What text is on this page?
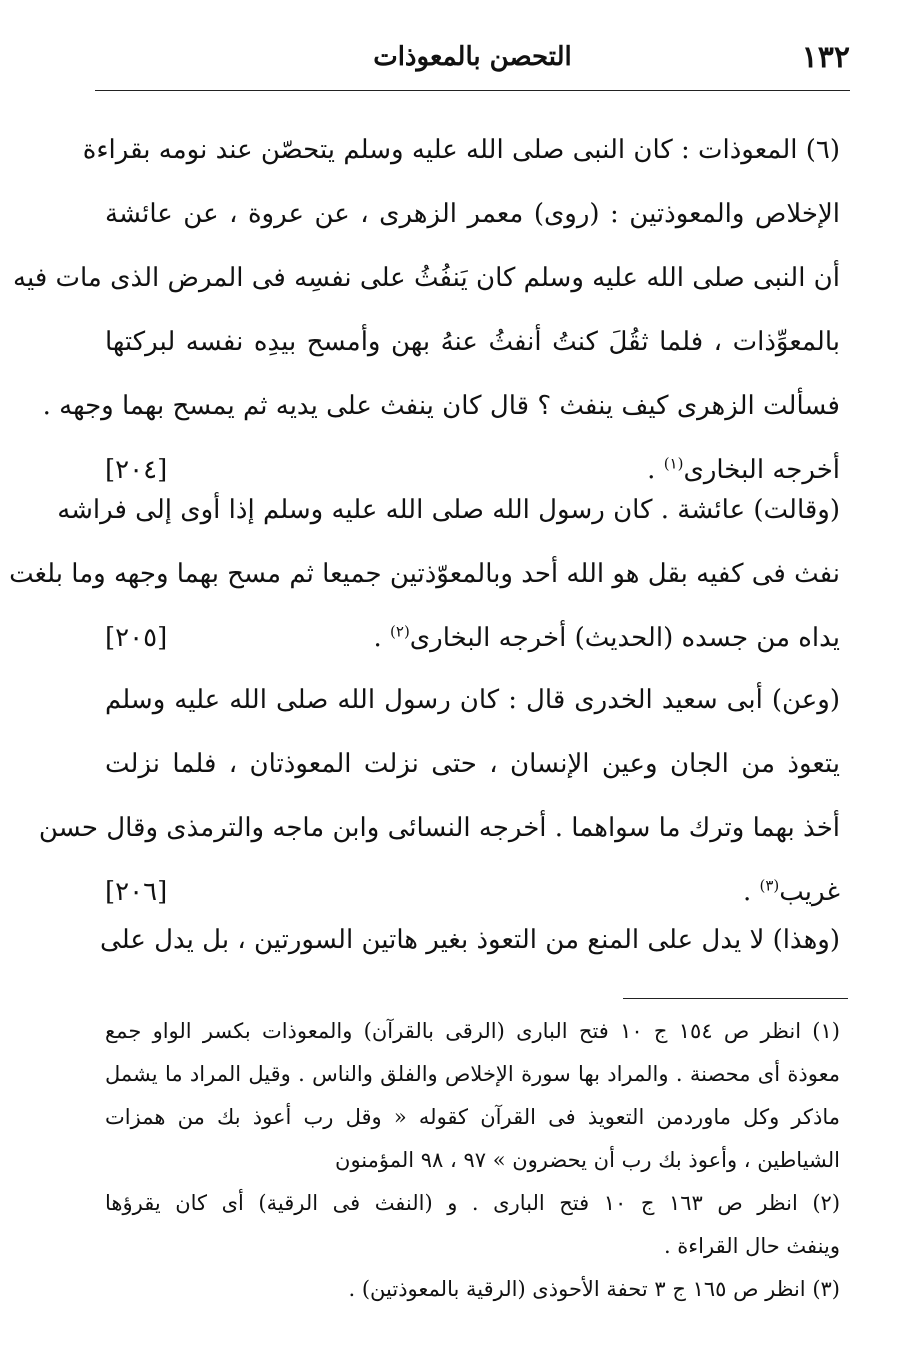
١٣٢
التحصن بالمعوذات
(٦) المعوذات : كان النبى صلى الله عليه وسلم يتحصّن عند نومه بقراءة
الإخلاص والمعوذتين : (روى) معمر الزهرى ، عن عروة ، عن عائشة
أن النبى صلى الله عليه وسلم كان يَنفُثُ على نفسِه فى المرض الذى مات فيه
بالمعوِّذات ، فلما ثقُلَ كنتُ أنفثُ عنهُ بهن وأمسح بيدِه نفسه لبركتها
فسألت الزهرى كيف ينفث ؟ قال كان ينفث على يديه ثم يمسح بهما وجهه .
أخرجه البخارى$^{(١)}$ .
[٢٠٤]
(وقالت) عائشة . كان رسول الله صلى الله عليه وسلم إذا أوى إلى فراشه
نفث فى كفيه بقل هو الله أحد وبالمعوّذتين جميعا ثم مسح بهما وجهه وما بلغت
يداه من جسده (الحديث) أخرجه البخارى$^{(٢)}$ .
[٢٠٥]
(وعن) أبى سعيد الخدرى قال : كان رسول الله صلى الله عليه وسلم
يتعوذ من الجان وعين الإنسان ، حتى نزلت المعوذتان ، فلما نزلت
أخذ بهما وترك ما سواهما . أخرجه النسائى وابن ماجه والترمذى وقال حسن
غريب$^{(٣)}$ .
[٢٠٦]
(وهذا) لا يدل على المنع من التعوذ بغير هاتين السورتين ، بل يدل على
(١) انظر ص ١٥٤ ج ١٠ فتح البارى (الرقى بالقرآن) والمعوذات بكسر الواو جمع
معوذة أى محصنة . والمراد بها سورة الإخلاص والفلق والناس . وقيل المراد ما يشمل
ماذكر وكل ماوردمن التعويذ فى القرآن كقوله « وقل رب أعوذ بك من همزات
الشياطين ، وأعوذ بك رب أن يحضرون » ٩٧ ، ٩٨ المؤمنون
(٢) انظر ص ١٦٣ ج ١٠ فتح البارى . و (النفث فى الرقية) أى كان يقرؤها
وينفث حال القراءة .
(٣) انظر ص ١٦٥ ج ٣ تحفة الأحوذى (الرقية بالمعوذتين) .
